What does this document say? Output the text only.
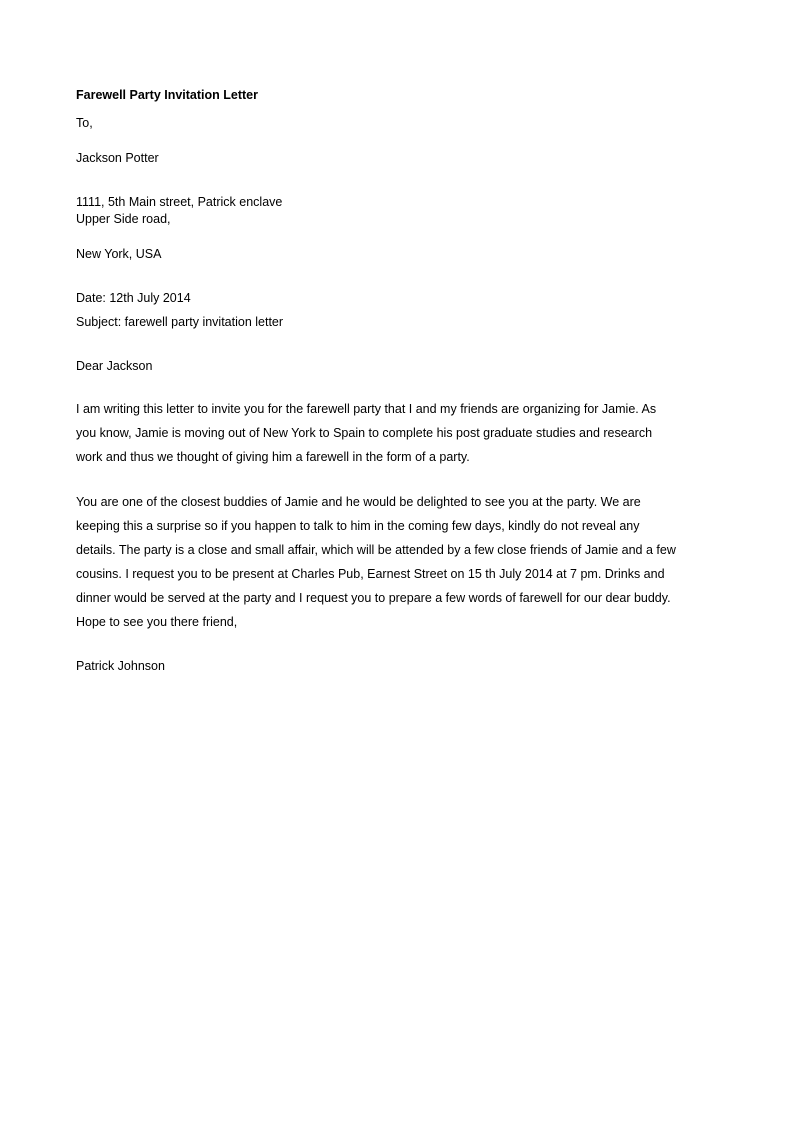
Farewell Party Invitation Letter
To,
Jackson Potter
1111, 5th Main street, Patrick enclave
Upper Side road,
New York, USA
Date: 12th July 2014
Subject: farewell party invitation letter
Dear Jackson
I am writing this letter to invite you for the farewell party that I and my friends are organizing for Jamie. As
you know, Jamie is moving out of New York to Spain to complete his post graduate studies and research
work and thus we thought of giving him a farewell in the form of a party.
You are one of the closest buddies of Jamie and he would be delighted to see you at the party. We are
keeping this a surprise so if you happen to talk to him in the coming few days, kindly do not reveal any
details. The party is a close and small affair, which will be attended by a few close friends of Jamie and a few
cousins. I request you to be present at Charles Pub, Earnest Street on 15 th July 2014 at 7 pm. Drinks and
dinner would be served at the party and I request you to prepare a few words of farewell for our dear buddy.
Hope to see you there friend,
Patrick Johnson
